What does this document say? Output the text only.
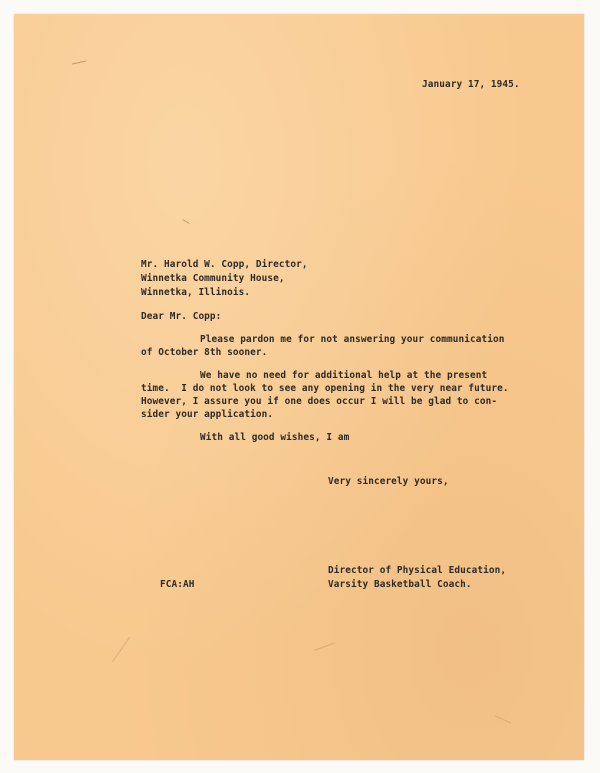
January 17, 1945.

Mr. Harold W. Copp, Director,

Winnetka Community House,

Winnetka, Illinois.

Dear Mr. Copp:

Please pardon me for not answering your communication

of October 8th sooner.

We have no need for additional help at the present

time.  I do not look to see any opening in the very near future.

However, I assure you if one does occur I will be glad to con-

sider your application.

With all good wishes, I am

Very sincerely yours,

Director of Physical Education,

Varsity Basketball Coach.

FCA:AH
